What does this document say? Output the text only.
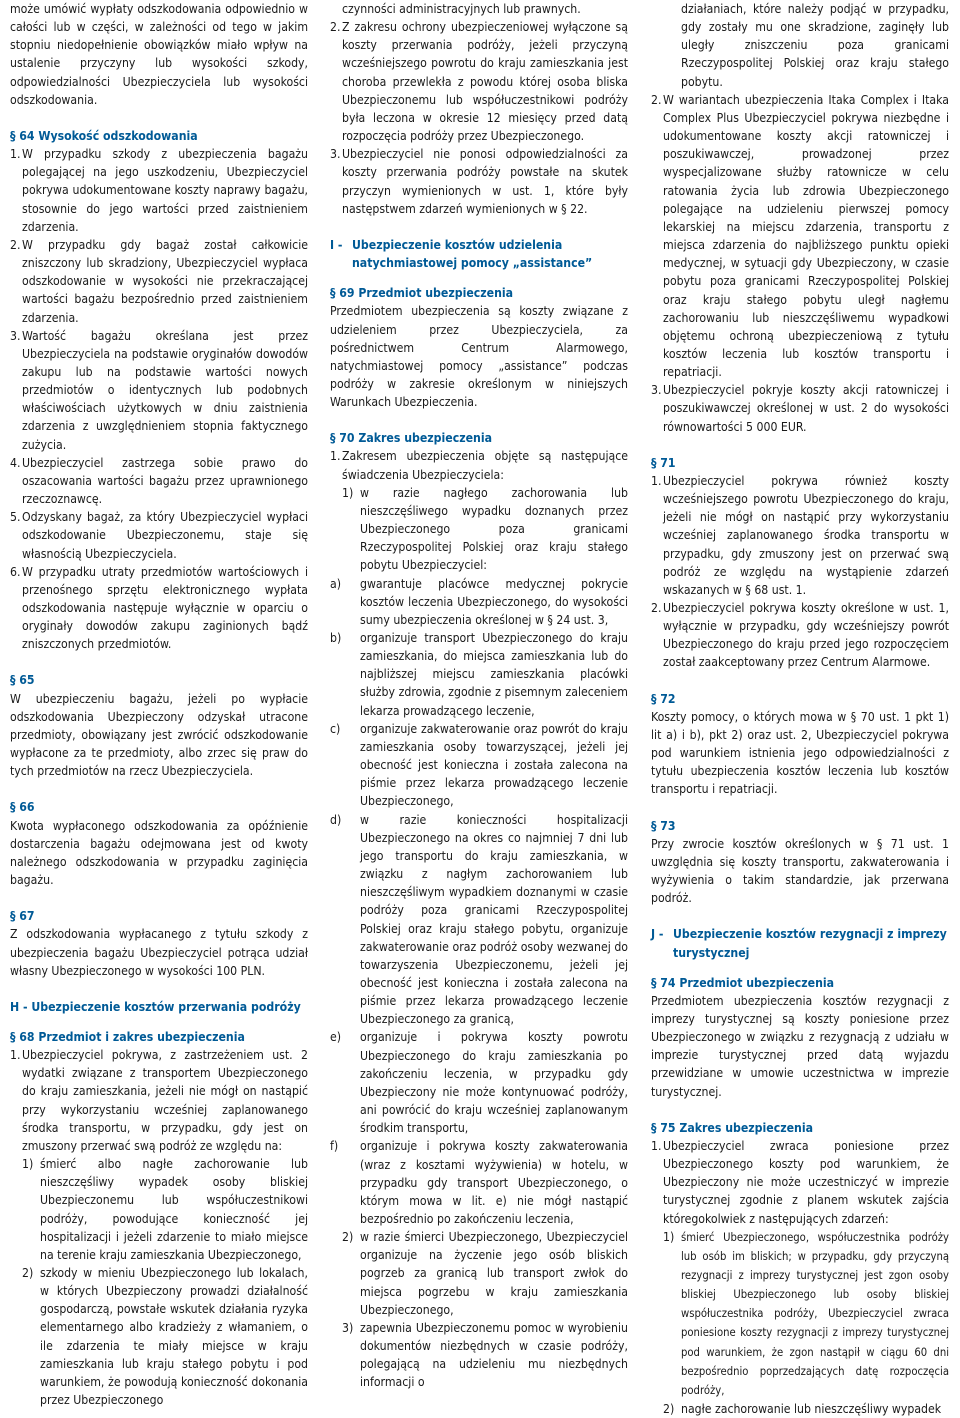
może umówić wypłaty odszkodowania odpowiednio w całości lub w części, w zależności od tego w jakim stopniu niedopełnienie obowiązków miało wpływ na ustalenie przyczyny lub wysokości szkody, odpowiedzialności Ubezpieczyciela lub wysokości odszkodowania.

§ 64 Wysokość odszkodowania

1. W przypadku szkody z ubezpieczenia bagażu polegającej na jego uszkodzeniu, Ubezpieczyciel pokrywa udokumentowane koszty naprawy bagażu, stosownie do jego wartości przed zaistnieniem zdarzenia.
2. W przypadku gdy bagaż został całkowicie zniszczony lub skradziony, Ubezpieczyciel wypłaca odszkodowanie w wysokości nie przekraczającej wartości bagażu bezpośrednio przed zaistnieniem zdarzenia.
3. Wartość bagażu określana jest przez Ubezpieczyciela na podstawie oryginałów dowodów zakupu lub na podstawie wartości nowych przedmiotów o identycznych lub podobnych właściwościach użytkowych w dniu zaistnienia zdarzenia z uwzględnieniem stopnia faktycznego zużycia.
4. Ubezpieczyciel zastrzega sobie prawo do oszacowania wartości bagażu przez uprawnionego rzeczoznawcę.
5. Odzyskany bagaż, za który Ubezpieczyciel wypłaci odszkodowanie Ubezpieczonemu, staje się własnością Ubezpieczyciela.
6. W przypadku utraty przedmiotów wartościowych i przenośnego sprzętu elektronicznego wypłata odszkodowania następuje wyłącznie w oparciu o oryginały dowodów zakupu zaginionych bądź zniszczonych przedmiotów.

§ 65

W ubezpieczeniu bagażu, jeżeli po wypłacie odszkodowania Ubezpieczony odzyskał utracone przedmioty, obowiązany jest zwrócić odszkodowanie wypłacone za te przedmioty, albo zrzec się praw do tych przedmiotów na rzecz Ubezpieczyciela.

§ 66

Kwota wypłaconego odszkodowania za opóźnienie dostarczenia bagażu odejmowana jest od kwoty należnego odszkodowania w przypadku zaginięcia bagażu.

§ 67

Z odszkodowania wypłacanego z tytułu szkody z ubezpieczenia bagażu Ubezpieczyciel potrąca udział własny Ubezpieczonego w wysokości 100 PLN.

H - Ubezpieczenie kosztów przerwania podróży

§ 68 Przedmiot i zakres ubezpieczenia

1. Ubezpieczyciel pokrywa, z zastrzeżeniem ust. 2 wydatki związane z transportem Ubezpieczonego do kraju zamieszkania, jeżeli nie mógł on nastąpić przy wykorzystaniu wcześniej zaplanowanego środka transportu, w przypadku, gdy jest on zmuszony przerwać swą podróż ze względu na:
1) śmierć albo nagłe zachorowanie lub nieszczęśliwy wypadek osoby bliskiej Ubezpieczonemu lub współuczestnikowi podróży, powodujące konieczność jej hospitalizacji i jeżeli zdarzenie to miało miejsce na terenie kraju zamieszkania Ubezpieczonego,
2) szkody w mieniu Ubezpieczonego lub lokalach, w których Ubezpieczony prowadzi działalność gospodarczą, powstałe wskutek działania ryzyka elementarnego albo kradzieży z włamaniem, o ile zdarzenia te miały miejsce w kraju zamieszkania lub kraju stałego pobytu i pod warunkiem, że powodują konieczność dokonania przez Ubezpieczonego

czynności administracyjnych lub prawnych.

2. Z zakresu ochrony ubezpieczeniowej wyłączone są koszty przerwania podróży, jeżeli przyczyną wcześniejszego powrotu do kraju zamieszkania jest choroba przewlekła z powodu której osoba bliska Ubezpieczonemu lub współuczestnikowi podróży była leczona w okresie 12 miesięcy przed datą rozpoczęcia podróży przez Ubezpieczonego.
3. Ubezpieczyciel nie ponosi odpowiedzialności za koszty przerwania podróży powstałe na skutek przyczyn wymienionych w ust. 1, które były następstwem zdarzeń wymienionych w § 22.
I - Ubezpieczenie kosztów udzielenia natychmiastowej pomocy „assistance”

§ 69 Przedmiot ubezpieczenia

Przedmiotem ubezpieczenia są koszty związane z udzieleniem przez Ubezpieczyciela, za pośrednictwem Centrum Alarmowego, natychmiastowej pomocy „assistance” podczas podróży w zakresie określonym w niniejszych Warunkach Ubezpieczenia.

§ 70 Zakres ubezpieczenia

1. Zakresem ubezpieczenia objęte są następujące świadczenia Ubezpieczyciela:
1) w razie nagłego zachorowania lub nieszczęśliwego wypadku doznanych przez Ubezpieczonego poza granicami Rzeczypospolitej Polskiej oraz kraju stałego pobytu Ubezpieczyciel:
a) gwarantuje placówce medycznej pokrycie kosztów leczenia Ubezpieczonego, do wysokości sumy ubezpieczenia określonej w § 24 ust. 3,
b) organizuje transport Ubezpieczonego do kraju zamieszkania, do miejsca zamieszkania lub do najbliższej miejscu zamieszkania placówki służby zdrowia, zgodnie z pisemnym zaleceniem lekarza prowadzącego leczenie,
c) organizuje zakwaterowanie oraz powrót do kraju zamieszkania osoby towarzyszącej, jeżeli jej obecność jest konieczna i została zalecona na piśmie przez lekarza prowadzącego leczenie Ubezpieczonego,
d) w razie konieczności hospitalizacji Ubezpieczonego na okres co najmniej 7 dni lub jego transportu do kraju zamieszkania, w związku z nagłym zachorowaniem lub nieszczęśliwym wypadkiem doznanymi w czasie podróży poza granicami Rzeczypospolitej Polskiej oraz kraju stałego pobytu, organizuje zakwaterowanie oraz podróż osoby wezwanej do towarzyszenia Ubezpieczonemu, jeżeli jej obecność jest konieczna i została zalecona na piśmie przez lekarza prowadzącego leczenie Ubezpieczonego za granicą,
e) organizuje i pokrywa koszty powrotu Ubezpieczonego do kraju zamieszkania po zakończeniu leczenia, w przypadku gdy Ubezpieczony nie może kontynuować podróży, ani powrócić do kraju wcześniej zaplanowanym środkim transportu,
f) organizuje i pokrywa koszty zakwaterowania (wraz z kosztami wyżywienia) w hotelu, w przypadku gdy transport Ubezpieczonego, o którym mowa w lit. e) nie mógł nastąpić bezpośrednio po zakończeniu leczenia,
2) w razie śmierci Ubezpieczonego, Ubezpieczyciel organizuje na życzenie jego osób bliskich pogrzeb za granicą lub transport zwłok do miejsca pogrzebu w kraju zamieszkania Ubezpieczonego,
3) zapewnia Ubezpieczonemu pomoc w wyrobieniu dokumentów niezbędnych w czasie podróży, polegającą na udzieleniu mu niezbędnych informacji o

działaniach, które należy podjąć w przypadku, gdy zostały mu one skradzione, zaginęły lub uległy zniszczeniu poza granicami Rzeczypospolitej Polskiej oraz kraju stałego pobytu.

2. W wariantach ubezpieczenia Itaka Complex i Itaka Complex Plus Ubezpieczyciel pokrywa niezbędne i udokumentowane koszty akcji ratowniczej i poszukiwawczej, prowadzonej przez wyspecjalizowane służby ratownicze w celu ratowania życia lub zdrowia Ubezpieczonego polegające na udzieleniu pierwszej pomocy lekarskiej na miejscu zdarzenia, transportu z miejsca zdarzenia do najbliższego punktu opieki medycznej, w sytuacji gdy Ubezpieczony, w czasie pobytu poza granicami Rzeczypospolitej Polskiej oraz kraju stałego pobytu uległ nagłemu zachorowaniu lub nieszczęśliwemu wypadkowi objętemu ochroną ubezpieczeniową z tytułu kosztów leczenia lub kosztów transportu i repatriacji.
3. Ubezpieczyciel pokryje koszty akcji ratowniczej i poszukiwawczej określonej w ust. 2 do wysokości równowartości 5 000 EUR.

§ 71

1. Ubezpieczyciel pokrywa również koszty wcześniejszego powrotu Ubezpieczonego do kraju, jeżeli nie mógł on nastąpić przy wykorzystaniu wcześniej zaplanowanego środka transportu w przypadku, gdy zmuszony jest on przerwać swą podróż ze względu na wystąpienie zdarzeń wskazanych w § 68 ust. 1.
2. Ubezpieczyciel pokrywa koszty określone w ust. 1, wyłącznie w przypadku, gdy wcześniejszy powrót Ubezpieczonego do kraju przed jego rozpoczęciem został zaakceptowany przez Centrum Alarmowe.

§ 72

Koszty pomocy, o których mowa w § 70 ust. 1 pkt 1) lit a) i b), pkt 2) oraz ust. 2, Ubezpieczyciel pokrywa pod warunkiem istnienia jego odpowiedzialności z tytułu ubezpieczenia kosztów leczenia lub kosztów transportu i repatriacji.

§ 73

Przy zwrocie kosztów określonych w § 71 ust. 1 uwzględnia się koszty transportu, zakwaterowania i wyżywienia o takim standardzie, jak przerwana podróż.

J - Ubezpieczenie kosztów rezygnacji z imprezy turystycznej

§ 74 Przedmiot ubezpieczenia

Przedmiotem ubezpieczenia kosztów rezygnacji z imprezy turystycznej są koszty poniesione przez Ubezpieczonego w związku z rezygnacją z udziału w imprezie turystycznej przed datą wyjazdu przewidziane w umowie uczestnictwa w imprezie turystycznej.

§ 75 Zakres ubezpieczenia

1. Ubezpieczyciel zwraca poniesione przez Ubezpieczonego koszty pod warunkiem, że Ubezpieczony nie może uczestniczyć w imprezie turystycznej zgodnie z planem wskutek zajścia któregokolwiek z następujących zdarzeń:
1) śmierć Ubezpieczonego, współuczestnika podróży lub osób im bliskich; w przypadku, gdy przyczyną rezygnacji z imprezy turystycznej jest zgon osoby bliskiej Ubezpieczonego lub osoby bliskiej współuczestnika podróży, Ubezpieczyciel zwraca poniesione koszty rezygnacji z imprezy turystycznej pod warunkiem, że zgon nastąpił w ciągu 60 dni bezpośrednio poprzedzających datę rozpoczęcia podróży,
2) nagłe zachorowanie lub nieszczęśliwy wypadek
